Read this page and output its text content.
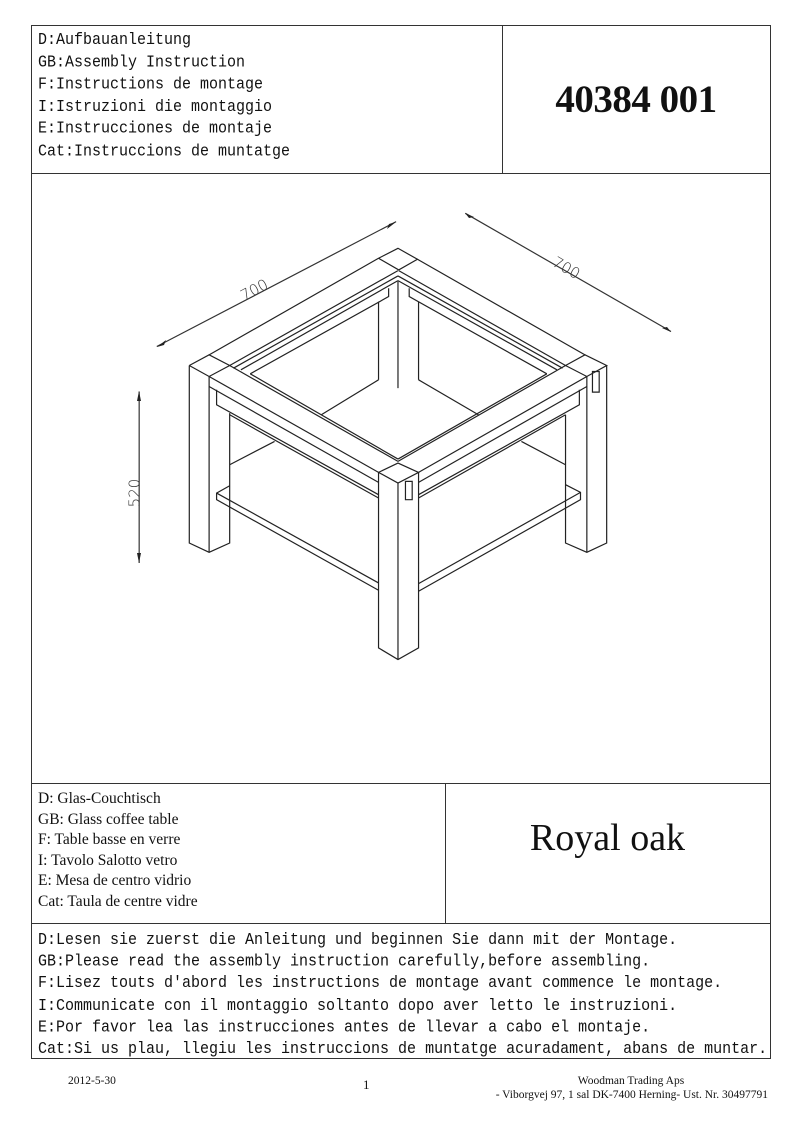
D:Aufbauanleitung
GB:Assembly Instruction
F:Instructions de montage
I:Istruzioni die montaggio
E:Instrucciones de montaje
Cat:Instruccions de muntatge
40384 001
700
700
520
D: Glas-Couchtisch
GB: Glass coffee table
F: Table basse en verre
I: Tavolo Salotto vetro
E: Mesa de centro vidrio
Cat: Taula de centre vidre
Royal oak
D:Lesen sie zuerst die Anleitung und beginnen Sie dann mit der Montage.
GB:Please read the assembly instruction carefully,before assembling.
F:Lisez touts d'abord les instructions de montage avant commence le montage.
I:Communicate con il montaggio soltanto dopo aver letto le instruzioni.
E:Por favor lea las instrucciones antes de llevar a cabo el montaje.
Cat:Si us plau, llegiu les instruccions de muntatge acuradament, abans de muntar.
2012-5-30	1	Woodman Trading Aps
- Viborgvej 97, 1 sal DK-7400 Herning- Ust. Nr. 30497791
